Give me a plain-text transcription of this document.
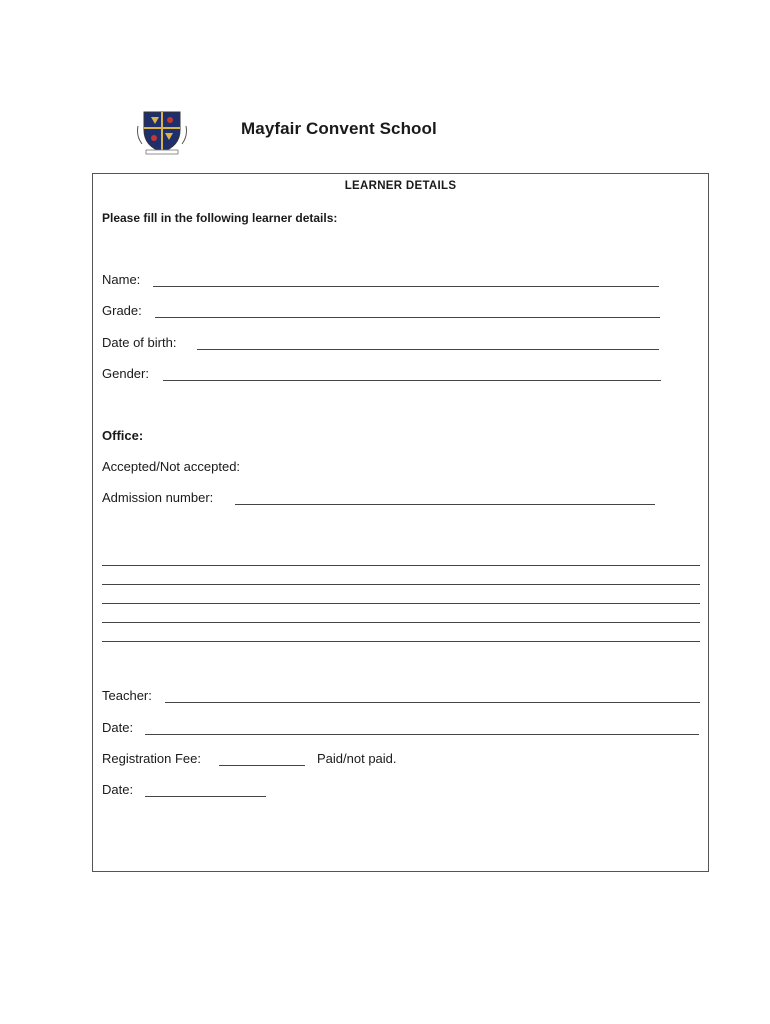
Mayfair Convent School
LEARNER DETAILS
Please fill in the following learner details:
Name:
Grade:
Date of birth:
Gender:
Office:
Accepted/Not accepted:
Admission number:
Teacher:
Date:
Registration Fee:	Paid/not paid.
Date:
